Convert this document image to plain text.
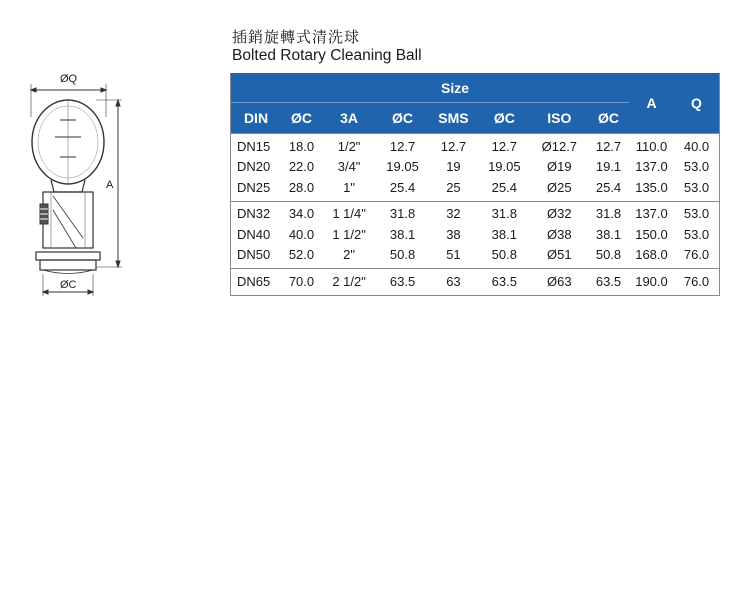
插銷旋轉式清洗球
Bolted Rotary Cleaning Ball
ØQ
A
ØC
	Size							A	Q
DIN	ØC	3A	ØC	SMS	ØC	ISO	ØC		
DN15	18.0	1/2"	12.7	12.7	12.7	Ø12.7	12.7	110.0	40.0
DN20	22.0	3/4"	19.05	19	19.05	Ø19	19.1	137.0	53.0
DN25	28.0	1"	25.4	25	25.4	Ø25	25.4	135.0	53.0
DN32	34.0	1 1/4"	31.8	32	31.8	Ø32	31.8	137.0	53.0
DN40	40.0	1 1/2"	38.1	38	38.1	Ø38	38.1	150.0	53.0
DN50	52.0	2"	50.8	51	50.8	Ø51	50.8	168.0	76.0
DN65	70.0	2 1/2"	63.5	63	63.5	Ø63	63.5	190.0	76.0
